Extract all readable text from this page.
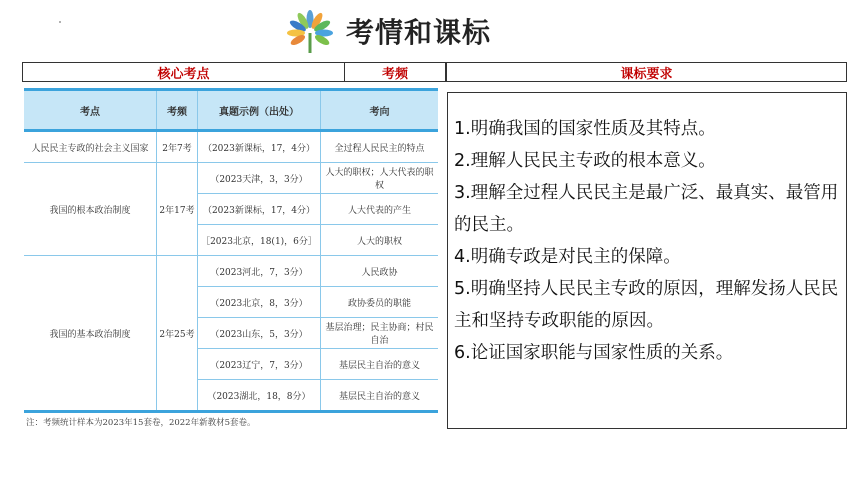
考情和课标
核心考点	考频	课标要求
考点	考频	真题示例（出处）	考向
人民民主专政的社会主义国家	2年7考	（2023新课标，17，4分）	全过程人民民主的特点
我国的根本政治制度	2年17考	（2023天津，3，3分）	人大的职权；人大代表的职权
		（2023新课标，17，4分）	人大代表的产生
		［2023北京，18(1)，6分］	人大的职权
我国的基本政治制度	2年25考	（2023河北，7，3分）	人民政协
		（2023北京，8，3分）	政协委员的职能
		（2023山东，5，3分）	基层治理；民主协商；村民自治
		（2023辽宁，7，3分）	基层民主自治的意义
		（2023湖北，18，8分）	基层民主自治的意义
注：考频统计样本为2023年15套卷，2022年新教材5套卷。

1.明确我国的国家性质及其特点。

2.理解人民民主专政的根本意义。

3.理解全过程人民民主是最广泛、最真实、最管用的民主。

4.明确专政是对民主的保障。

5.明确坚持人民民主专政的原因，理解发扬人民民主和坚持专政职能的原因。

6.论证国家职能与国家性质的关系。
